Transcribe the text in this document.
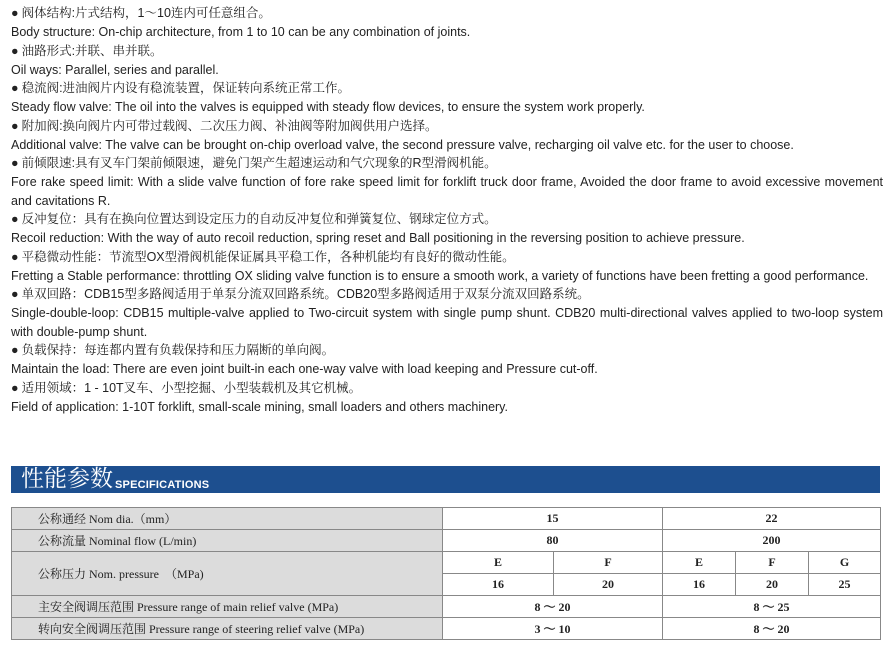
● 阀体结构:片式结构，1～10连内可任意组合。
Body structure: On-chip architecture, from 1 to 10 can be any combination of joints.
● 油路形式:并联、串并联。
Oil ways: Parallel, series and parallel.
● 稳流阀:进油阀片内设有稳流装置，保证转向系统正常工作。
Steady flow valve: The oil into the valves is equipped with steady flow devices, to ensure the system work properly.
● 附加阀:换向阀片内可带过载阀、二次压力阀、补油阀等附加阀供用户选择。
Additional valve: The valve can be brought on-chip overload valve, the second pressure valve, recharging oil valve etc. for the user to choose.
● 前倾限速:具有叉车门架前倾限速，避免门架产生超速运动和气穴现象的R型滑阀机能。
Fore rake speed limit: With a slide valve function of fore rake speed limit for forklift truck door frame, Avoided the door frame to avoid excessive movement and cavitations R.
● 反冲复位：具有在换向位置达到设定压力的自动反冲复位和弹簧复位、钢球定位方式。
Recoil reduction: With the way of auto recoil reduction, spring reset and Ball positioning in the reversing position to achieve pressure.
● 平稳微动性能：节流型OX型滑阀机能保证属具平稳工作，各种机能均有良好的微动性能。
Fretting a Stable performance: throttling OX sliding valve function is to ensure a smooth work, a variety of functions have been fretting a good performance.
● 单双回路：CDB15型多路阀适用于单泵分流双回路系统。CDB20型多路阀适用于双泵分流双回路系统。
Single-double-loop: CDB15 multiple-valve applied to Two-circuit system with single pump shunt. CDB20 multi-directional valves applied to two-loop system with double-pump shunt.
● 负载保持：每连都内置有负载保持和压力隔断的单向阀。
Maintain the load: There are even joint built-in each one-way valve with load keeping and Pressure cut-off.
● 适用领域：1 - 10T叉车、小型挖掘、小型装载机及其它机械。
Field of application: 1-10T forklift, small-scale mining, small loaders and others machinery.
性能参数 SPECIFICATIONS
公称通经 Nom dia.（mm）	15		22		
公称流量 Nominal flow (L/min)	80		200		
公称压力 Nom. pressure　（MPa)	E	F	E	F	G
	16	20	16	20	25
主安全阀调压范围 Pressure range of main relief valve (MPa)	8 ～ 20		8 ～ 25		
转向安全阀调压范围 Pressure range of steering relief valve (MPa)	3 ～ 10		8 ～ 20		
